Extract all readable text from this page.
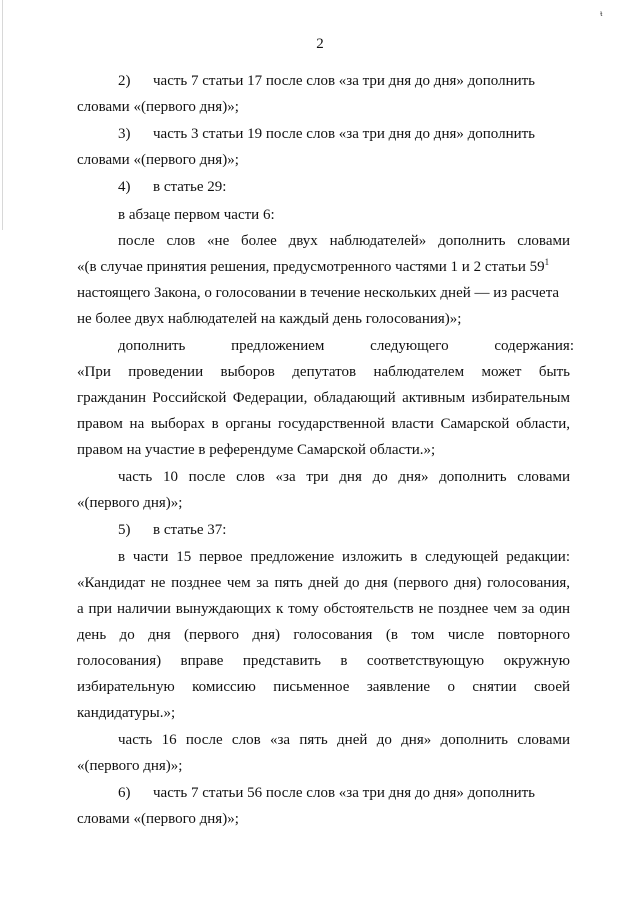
ᵼ
2
2) часть 7 статьи 17 после слов «за три дня до дня» дополнить
словами «(первого дня)»;
3) часть 3 статьи 19 после слов «за три дня до дня» дополнить
словами «(первого дня)»;
4) в статье 29:
в абзаце первом части 6:
после слов «не более двух наблюдателей» дополнить словами
«(в случае принятия решения, предусмотренного частями 1 и 2 статьи $59^1$
настоящего Закона, о голосовании в течение нескольких дней — из расчета
не более двух наблюдателей на каждый день голосования)»;
дополнить предложением следующего содержания:
«При проведении выборов депутатов наблюдателем может быть
гражданин Российской Федерации, обладающий активным избирательным
правом на выборах в органы государственной власти Самарской области,
правом на участие в референдуме Самарской области.»;
часть 10 после слов «за три дня до дня» дополнить словами
«(первого дня)»;
5) в статье 37:
в части 15 первое предложение изложить в следующей редакции:
«Кандидат не позднее чем за пять дней до дня (первого дня) голосования,
а при наличии вынуждающих к тому обстоятельств не позднее чем за один
день до дня (первого дня) голосования (в том числе повторного
голосования) вправе представить в соответствующую окружную
избирательную комиссию письменное заявление о снятии своей
кандидатуры.»;
часть 16 после слов «за пять дней до дня» дополнить словами
«(первого дня)»;
6) часть 7 статьи 56 после слов «за три дня до дня» дополнить
словами «(первого дня)»;
